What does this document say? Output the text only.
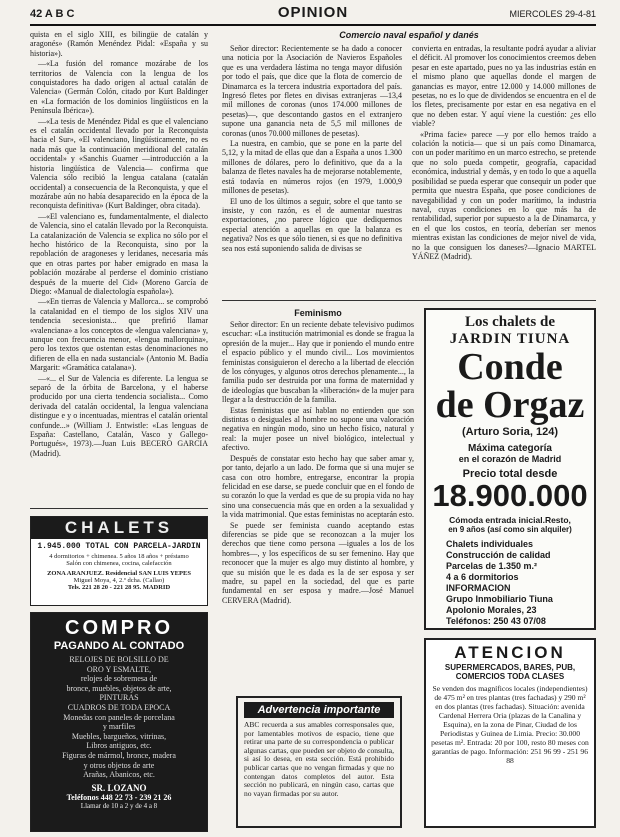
42 A B C	OPINION	MIERCOLES 29-4-81

quista en el siglo XIII, es bilingüe de catalán y aragonés» (Ramón Menéndez Pidal: «España y su historia»).

—«La fusión del romance mozárabe de los territorios de Valencia con la lengua de los conquistadores ha dado origen al actual catalán de Valencia» (Germán Colón, citado por Kurt Baldinger en «La formación de los dominios lingüísticos en la Península Ibérica»).

—«La tesis de Menéndez Pidal es que el valenciano es el catalán occidental llevado por la Reconquista hacia el Sur», «El valenciano, lingüísticamente, no es nada más que la continuación meridional del catalán occidental» y «Sanchis Guarner —introducción a la historia lingüística de Valencia— confirma que Valencia sólo recibió la lengua catalana (catalán occidental) a consecuencia de la Reconquista, y que el mozárabe aún no había desaparecido en la época de la reconquista definitiva» (Kurt Baldinger, obra citada).

—«El valenciano es, fundamentalmente, el dialecto de Valencia, sino el catalán llevado por la Reconquista. La catalanización de Valencia se explica no sólo por el hecho histórico de la Reconquista, sino por la repoblación de aragoneses y leridanes, necesaria más que en otras partes por haber emigrado en masa la población mozárabe al perderse el dominio cristiano después de la muerte del Cid» (Moreno García de Diego: «Manual de dialectología española»).

—«En tierras de Valencia y Mallorca... se comprobó la catalanidad en el tiempo de los siglos XIV una tendencia secesionista... que prefirió llamar «valenciana» a los conceptos de «lengua valenciana» y, aunque con frecuencia menor, «lengua mallorquina», pero los textos que ostentan estas denominaciones no difieren de ella en nada sustancial» (Antonio M. Badía Margarit: «Gramática catalana»).

—«... el Sur de Valencia es diferente. La lengua se separó de la órbita de Barcelona, y el haberse producido por una cierta tendencia socialista... Como derivada del catalán occidental, la lengua valenciana distingue e y o incentuadas, mientras el catalán oriental confunde...» (William J. Entwistle: «Las lenguas de España: Castellano, Catalán, Vasco y Gallego-Portugués», 1973).—Juan Luis BECERO GARCIA (Madrid).

CHALETS
1.945.000 TOTAL CON PARCELA-JARDIN
4 dormitorios + chimenea. 5 años 18 años + préstamo
Salón con chimenea, cocina, calefacción
ZONA ARANJUEZ. Residencial SAN LUIS YEPES
Miguel Moya, 4, 2.º dcha. (Callao)
Tels. 221 28 20 - 221 28 95. MADRID
COMPRO
PAGANDO AL CONTADO
RELOJES DE BOLSILLO DE
ORO Y ESMALTE,
relojes de sobremesa de
bronce, muebles, objetos de arte,
PINTURAS
CUADROS DE TODA EPOCA
Monedas con paneles de porcelana
y marfiles
Muebles, bargueños, vitrinas,
Libros antiguos, etc.
Figuras de mármol, bronce, madera
y otros objetos de arte
Arañas, Abanicos, etc.
SR. LOZANO
Teléfonos 448 22 73 - 239 21 26
Llamar de 10 a 2 y de 4 a 8
Comercio naval español y danés

Señor director: Recientemente se ha dado a conocer una noticia por la Asociación de Navieros Españoles que es una verdadera lástima no tenga mayor difusión por todo el país, que dice que la flota de comercio de Dinamarca es la tercera industria exportadora del país. Ingresó fletes por fletes en divisas extranjeras —13,4 mil millones de coronas (unos 174.000 millones de pesetas)—, que descontando gastos en el extranjero supone una ganancia neta de 5,5 mil millones de coronas (unos 70.000 millones de pesetas).

La nuestra, en cambio, que se pone en la parte del 5,12, y la mitad de ellas que dan a España a unos 1.300 millones de dólares, pero lo definitivo, que da a la balanza de fletes navales ha de mejorarse notablemente, está todavía en números rojos (en 1979, 1.000,9 millones de pesetas).

El uno de los últimos a seguir, sobre el que tanto se insiste, y con razón, es el de aumentar nuestras exportaciones, ¿no parece lógico que dediquemos especial atención a aquellas en que la balanza es negativa? Nos es que sólo tienen, si es que no definitiva sea nos está suponiendo salida de divisas se

convierta en entradas, la resultante podrá ayudar a aliviar el déficit. Al promover los conocimientos creemos deben pesar en este apartado, pues no ya las industrias están en el mismo plano que aquellas donde el margen de ganancias es mayor, entre 12.000 y 14.000 millones de pesetas, no es lo que de dividendos se encuentra en el de los fletes, precisamente por estar en esa negativa en el que no deben estar. Y aquí viene la cuestión: ¿es ello viable?

«Prima facie» parece —y por ello hemos traído a colación la noticia— que si un país como Dinamarca, con un poder marítimo en un marco estrecho, se pretende que no solo pueda competir, geografía, capacidad económica, industrial y demás, y en todo lo que a aquella posibilidad se pueda esperar que consequir un poder que permita que nuestra España, que posee condiciones de navegabilidad y con un poder marítimo, la industria naval, cuyas condiciones en lo que más ha de rentabilidad, superior por supuesto a la de Dinamarca, y en el que los costos, en teoría, deberían ser menos mientras existan las condiciones de mejor nivel de vida, no la que consiguen los daneses?—Ignacio MARTEL YÁÑEZ (Madrid).

Feminismo

Señor director: En un reciente debate televisivo pudimos escuchar: «La institución matrimonial es donde se fragua la opresión de la mujer... Hay que ir poniendo el mundo entre el espacio público y el mundo civil... Los movimientos feministas consiguieron el derecho a la libertad de elección de los cónyuges, y algunos otros derechos plenamente..., la familia pudo ser destruida por una forma de maternidad y de ideologías que buscaban la «liberación» de la mujer para llegar a la destrucción de la familia.

Estas feministas que así hablan no entienden que son distintas o desiguales al hombre no supone una valoración negativa en ningún modo, sino un hecho físico, natural y real: la mujer posee un nivel biológico, intelectual y afectivo.

Después de constatar esto hecho hay que saber amar y, por tanto, dejarlo a un lado. De forma que si una mujer se casa con otro hombre, entregarse, encontrar la propia felicidad en ese darse, se puede concluir que en el fondo de su corazón lo que la verdad es que de su propia vida no hay sino una consecuencia más que en orden a la sexualidad y la vida matrimonial. Que estas feministas no aceptarán esto.

Se puede ser feminista cuando aceptando estas diferencias se pide que se reconozcan a la mujer los derechos que tiene como persona —iguales a los de los hombres—, y los específicos de su ser femenino. Hay que reconocer que la mujer es algo muy distinto al hombre, y que su misión que le es dada es la de ser esposa y ser madre, su papel en la sociedad, del que es parte fundamental en ser esposa y madre.—José Manuel CERVERA (Madrid).

Advertencia importante
ABC recuerda a sus amables corresponsales que, por lamentables motivos de espacio, tiene que retirar una parte de su correspondencia o publicar algunas cartas, que pueden ser objeto de consulta, si así lo desea, en esta sección. Está prohibido publicar cartas que no vengan firmadas y que no contengan datos completos del autor. Esta sección no publicará, en ningún caso, cartas que no vayan firmadas por su autor.
Los chalets de
JARDIN TIUNA
Conde
de Orgaz
(Arturo Soria, 124)
Máxima categoría
en el corazón de Madrid
Precio total desde
18.900.000
Cómoda entrada inicial.Resto,
en 9 años (así como sin alquiler)
Chalets individuales
Construcción de calidad
Parcelas de 1.350 m.²
4 a 6 dormitorios
INFORMACION
Grupo Inmobiliario Tiuna
Apolonio Morales, 23
Teléfonos: 250 43 07/08
ATENCION
SUPERMERCADOS, BARES, PUB,
COMERCIOS TODA CLASES
Se venden dos magníficos locales (independientes) de 475 m² en tres plantas (tres fachadas) y 290 m² en dos plantas (tres fachadas). Situación: avenida Cardenal Herrera Oria (plazas de la Canalina y Esquina), en la zona de Pinar, Ciudad de los Periodistas y Guinea de Limia. Precio: 30.000 pesetas m². Entrada: 20 por 100, resto 80 meses con garantías de pago. Información: 251 96 99 - 251 96 88
